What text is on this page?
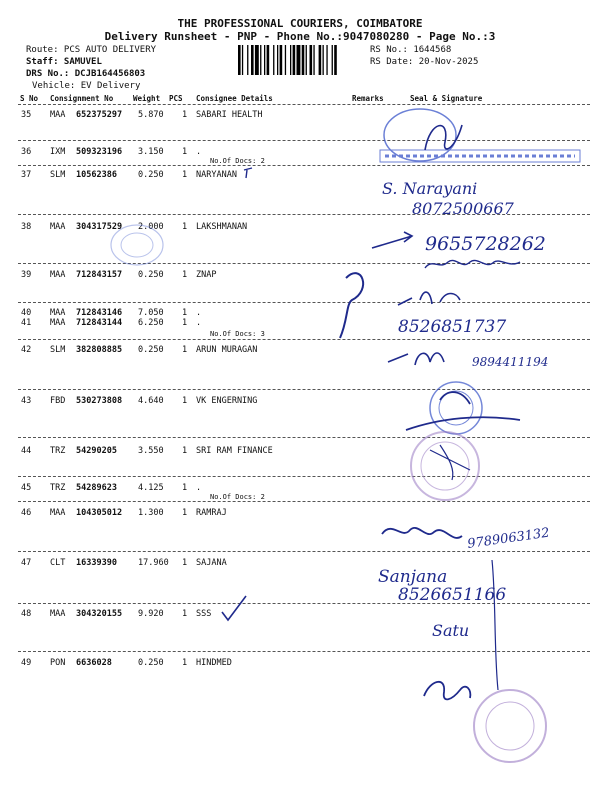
THE PROFESSIONAL COURIERS, COIMBATORE
Delivery Runsheet - PNP - Phone No.:9047080280 - Page No.:3
Route: PCS AUTO DELIVERY
Staff: SAMUVEL
DRS No.: DCJB164456803
Vehicle: EV Delivery
RS No.: 1644568
RS Date: 20-Nov-2025
S No Consignment No	Weight PCS Consignee Details	Remarks	Seal & Signature
35 MAA 652375297 5.870 1 SABARI HEALTH
36 IXM 509323196 3.150 1 .
No.Of Docs: 2
37 SLM 10562386 0.250 1 NARYANAN
38 MAA 304317529 2.000 1 LAKSHMANAN
39 MAA 712843157 0.250 1 ZNAP
40 MAA 712843146 7.050 1 .
41 MAA 712843144 6.250 1 .
No.Of Docs: 3
42 SLM 382808885 0.250 1 ARUN MURAGAN
43 FBD 530273808 4.640 1 VK ENGERNING
44 TRZ 54290205 3.550 1 SRI RAM FINANCE
45 TRZ 54289623 4.125 1 .
No.Of Docs: 2
46 MAA 104305012 1.300 1 RAMRAJ
47 CLT 16339390 17.960 1 SAJANA
48 MAA 304320155 9.920 1 SSS
49 PON 6636028	0.250 1 HINDMED
S. Narayani
8072500667
9655728262
8526851737
9894411194
9789063132
Sanjana
8526651166
Satu
